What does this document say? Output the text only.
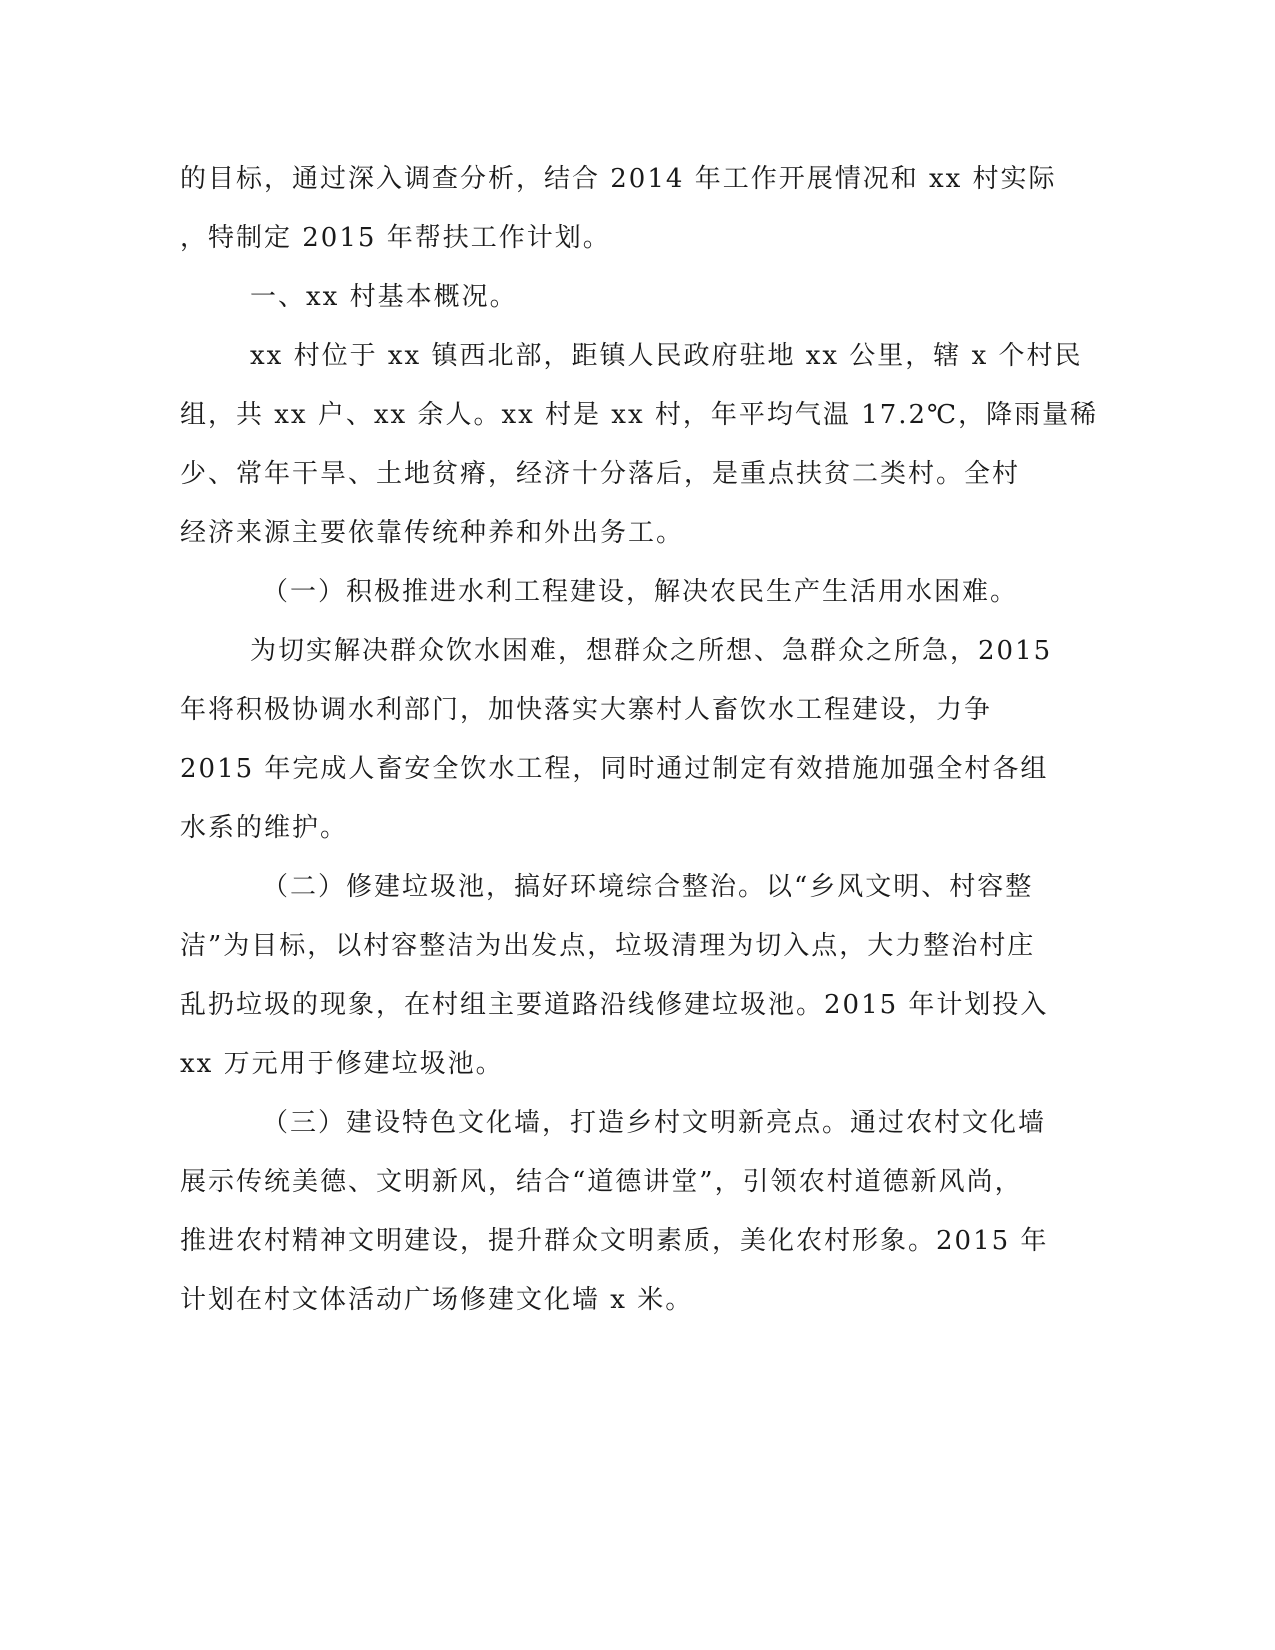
的目标，通过深入调查分析，结合 2014 年工作开展情况和 xx 村实际
，特制定 2015 年帮扶工作计划。
一、xx 村基本概况。
xx 村位于 xx 镇西北部，距镇人民政府驻地 xx 公里，辖 x 个村民
组，共 xx 户、xx 余人。xx 村是 xx 村，年平均气温 17.2℃，降雨量稀
少、常年干旱、土地贫瘠，经济十分落后，是重点扶贫二类村。全村
经济来源主要依靠传统种养和外出务工。
（一）积极推进水利工程建设，解决农民生产生活用水困难。
为切实解决群众饮水困难，想群众之所想、急群众之所急，2015
年将积极协调水利部门，加快落实大寨村人畜饮水工程建设，力争
2015 年完成人畜安全饮水工程，同时通过制定有效措施加强全村各组
水系的维护。
（二）修建垃圾池，搞好环境综合整治。以“乡风文明、村容整
洁”为目标，以村容整洁为出发点，垃圾清理为切入点，大力整治村庄
乱扔垃圾的现象，在村组主要道路沿线修建垃圾池。2015 年计划投入
xx 万元用于修建垃圾池。
（三）建设特色文化墙，打造乡村文明新亮点。通过农村文化墙
展示传统美德、文明新风，结合“道德讲堂”，引领农村道德新风尚，
推进农村精神文明建设，提升群众文明素质，美化农村形象。2015 年
计划在村文体活动广场修建文化墙 x 米。
